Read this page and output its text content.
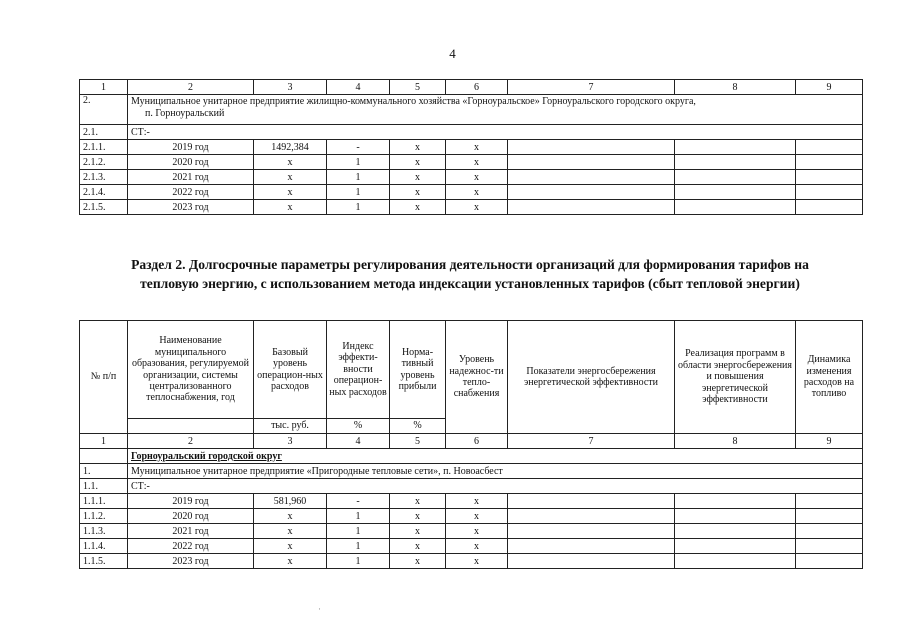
4
1	2	3	4	5	6	7	8	9
2.	Муниципальное унитарное предприятие жилищно-коммунального хозяйства «Горноуральское» Горноуральского городского округа,
п. Горноуральский							

2.1.	СТ:-							
2.1.1.	2019 год	1492,384	-	х	х			
2.1.2.	2020 год	х	1	х	х			
2.1.3.	2021 год	х	1	х	х			
2.1.4.	2022 год	х	1	х	х			
2.1.5.	2023 год	х	1	х	х			
Раздел 2. Долгосрочные параметры регулирования деятельности организаций для формирования тарифов на
тепловую энергию, с использованием метода индексации установленных тарифов (сбыт тепловой энергии)
№ п/п	Наименование муниципального образования, регулируемой организации, системы централизованного теплоснабжения, год	Базовый уровень операцион-ных расходов	Индекс эффекти-вности операцион-ных расходов	Норма-тивный уровень прибыли	Уровень надежнос-ти тепло-снабжения	Показатели энергосбережения энергетической эффективности	Реализация программ в области энергосбережения и повышения энергетической эффективности	Динамика изменения расходов на топливо
		тыс. руб.	%	%				
1	2	3	4	5	6	7	8	9
	Горноуральский городской округ							
1.	Муниципальное унитарное предприятие «Пригородные тепловые сети», п. Новоасбест							
1.1.	СТ:-							
1.1.1.	2019 год	581,960	-	х	х			
1.1.2.	2020 год	х	1	х	х			
1.1.3.	2021 год	х	1	х	х			
1.1.4.	2022 год	х	1	х	х			
1.1.5.	2023 год	х	1	х	х			
·
